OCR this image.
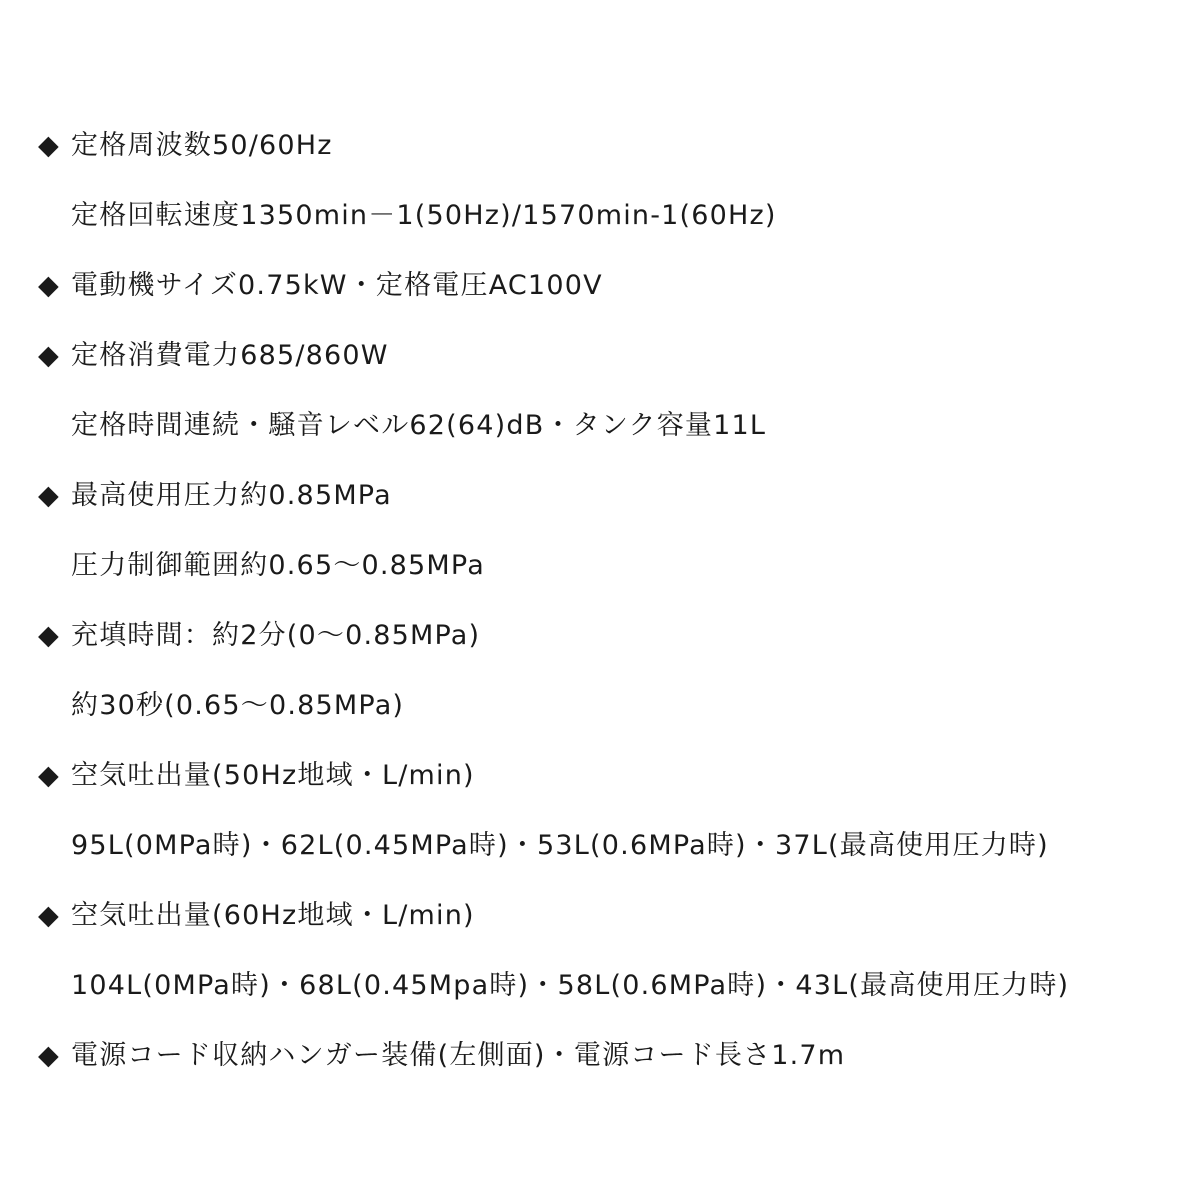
◆ 定格周波数50/60Hz
定格回転速度1350min－1(50Hz)/1570min-1(60Hz)
◆ 電動機サイズ0.75kW・定格電圧AC100V
◆ 定格消費電力685/860W
定格時間連続・騒音レベル62(64)dB・タンク容量11L
◆ 最高使用圧力約0.85MPa
圧力制御範囲約0.65～0.85MPa
◆ 充填時間：約2分(0～0.85MPa)
約30秒(0.65～0.85MPa)
◆ 空気吐出量(50Hz地域・L/min)
95L(0MPa時)・62L(0.45MPa時)・53L(0.6MPa時)・37L(最高使用圧力時)
◆ 空気吐出量(60Hz地域・L/min)
104L(0MPa時)・68L(0.45Mpa時)・58L(0.6MPa時)・43L(最高使用圧力時)
◆ 電源コード収納ハンガー装備(左側面)・電源コード長さ1.7m
